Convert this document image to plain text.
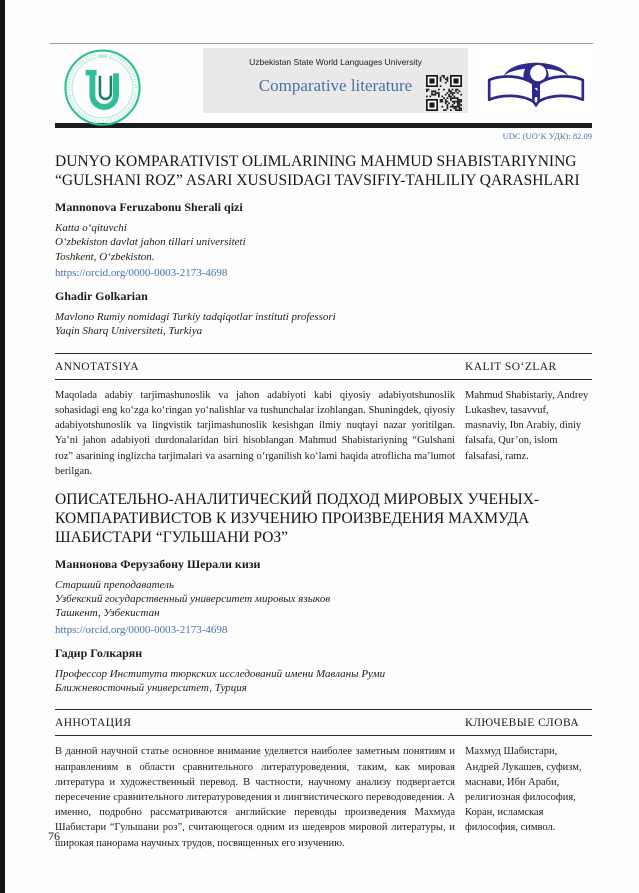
1992
Uzbekistan State World Languages University
Comparative literature
UDC (UO‘K УДК): 82.09
DUNYO KOMPARATIVIST OLIMLARINING MAHMUD SHABISTARIYNING “GULSHANI ROZ” ASARI XUSUSIDAGI TAVSIFIY-TAHLILIY QARASHLARI
Mannonova Feruzabonu Sherali qizi
Katta o‘qituvchi
O‘zbekiston davlat jahon tillari universiteti
Toshkent, O‘zbekiston.
https://orcid.org/0000-0003-2173-4698
Ghadir Golkarian
Mavlono Rumiy nomidagi Turkiy tadqiqotlar instituti professori
Yaqin Sharq Universiteti, Turkiya
ANNOTATSIYA	KALIT SO‘ZLAR
Maqolada adabiy tarjimashunoslik va jahon adabiyoti kabi qiyosiy adabiyotshunoslik sohasidagi eng ko‘zga ko‘ringan yo‘nalishlar va tushunchalar izohlangan. Shuningdek, qiyosiy adabiyotshunoslik va lingvistik tarjimashunoslik kesishgan ilmiy nuqtayi nazar yoritilgan. Ya’ni jahon adabiyoti durdonalaridan biri hisoblangan Mahmud Shabistariyning “Gulshani roz” asarining inglizcha tarjimalari va asarning o‘rganilish ko‘lami haqida atroflicha ma’lumot berilgan.
Mahmud Shabistariy, Andrey Lukashev, tasavvuf, masnaviy, Ibn Arabiy, diniy falsafa, Qur’on, islom falsafasi, ramz.
ОПИСАТЕЛЬНО-АНАЛИТИЧЕСКИЙ ПОДХОД МИРОВЫХ УЧЕНЫХ-КОМПАРАТИВИСТОВ К ИЗУЧЕНИЮ ПРОИЗВЕДЕНИЯ МАХМУДА ШАБИСТАРИ “ГУЛЬШАНИ РОЗ”
Маннонова Ферузабону Шерали кизи
Старший преподаватель
Узбекский государственный университет мировых языков
Ташкент, Узбекистан
https://orcid.org/0000-0003-2173-4698
Гадир Голкарян
Профессор Института тюркских исследований имени Мавланы Руми
Ближневосточный университет, Турция
АННОТАЦИЯ	КЛЮЧЕВЫЕ СЛОВА
В данной научной статье основное внимание уделяется наиболее заметным понятиям и направлениям в области сравнительного литературоведения, таким, как мировая литература и художественный перевод. В частности, научному анализу подвергается пересечение сравнительного литературоведения и лингвистического переводоведения. А именно, подробно рассматриваются английские переводы произведения Махмуда Шабистари “Гульшани роз”, считающегося одним из шедевров мировой литературы, и широкая панорама научных трудов, посвященных его изучению.
Махмуд Шабистари, Андрей Лукашев, суфизм, маснави, Ибн Араби, религиозная философия, Коран, исламская философия, символ.
76
